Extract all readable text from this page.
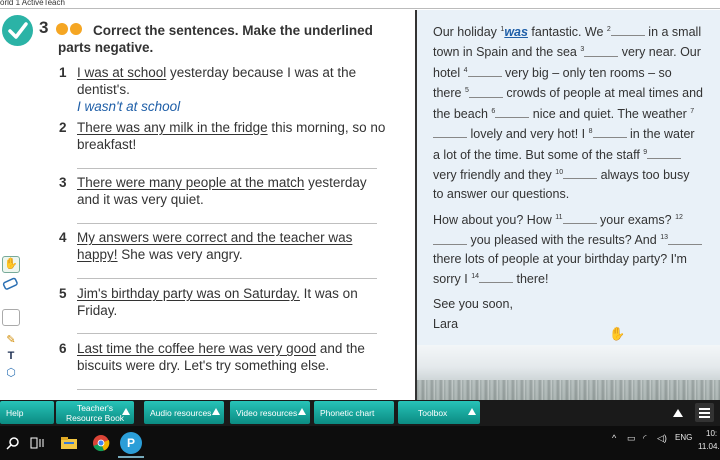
orld 1 ActiveTeach
3	Correct the sentences. Make the underlined
parts negative.
1 I was at school yesterday because I was at the dentist's.
I wasn't at school
2 There was any milk in the fridge this morning, so no breakfast!
3 There were many people at the match yesterday and it was very quiet.
4 My answers were correct and the teacher was happy! She was very angry.
5 Jim's birthday party was on Saturday. It was on Friday.
6 Last time the coffee here was very good and the biscuits were dry. Let's try something else.
✋
✎
T
⬡

Our holiday $^1$was fantastic. We $^2$	in a small town in Spain and the sea $^3$	very near. Our hotel $^4$	very big – only ten rooms – so there $^5$	crowds of people at meal times and the beach $^6$	nice and quiet. The weather $^7$ lovely and very hot! I $^8$	in the water a lot of the time. But some of the staff $^9$ very friendly and they $^{10}$	always too busy to answer our questions.

How about you? How $^{11}$	your exams? $^{12}$ you pleased with the results? And $^{13}$ there lots of people at your birthday party? I'm sorry I $^{14}$	there!

See you soon,

Lara

✋
Help	Teacher's
Resource Book	Audio resources	Video resources	Phonetic chart	Toolbox
P	^ ▭ ◜ ◁) ENG 10:
11.04.
